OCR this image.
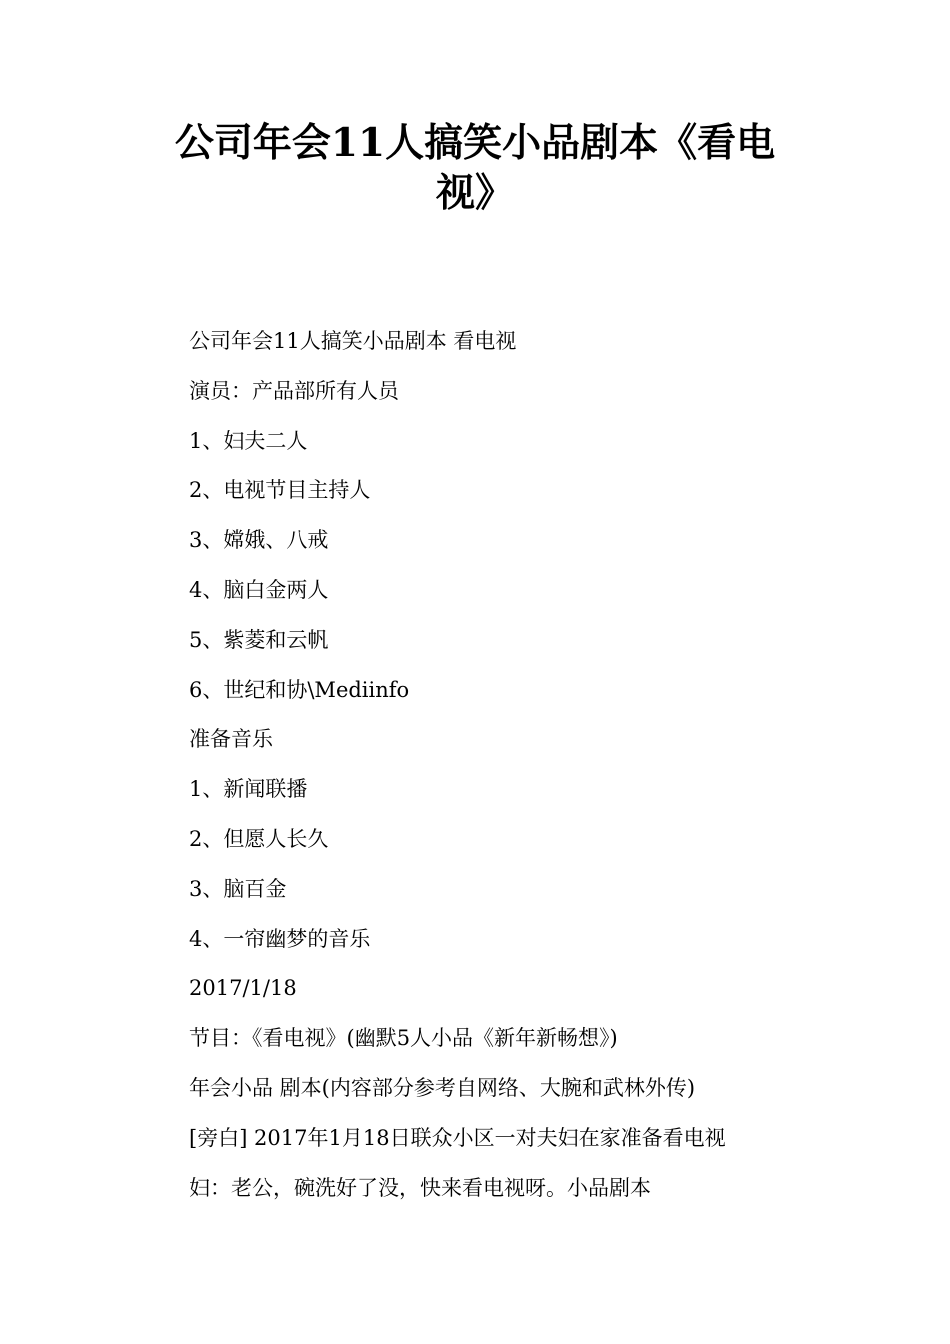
公司年会11人搞笑小品剧本《看电视》
公司年会11人搞笑小品剧本 看电视
演员：产品部所有人员
1、妇夫二人
2、电视节目主持人
3、嫦娥、八戒
4、脑白金两人
5、紫菱和云帆
6、世纪和协\Mediinfo
准备音乐
1、新闻联播
2、但愿人长久
3、脑百金
4、一帘幽梦的音乐
2017/1/18
节目：《看电视》(幽默5人小品《新年新畅想》)
年会小品 剧本(内容部分参考自网络、大腕和武林外传)
[旁白] 2017年1月18日联众小区一对夫妇在家准备看电视
妇：老公，碗洗好了没，快来看电视呀。小品剧本
